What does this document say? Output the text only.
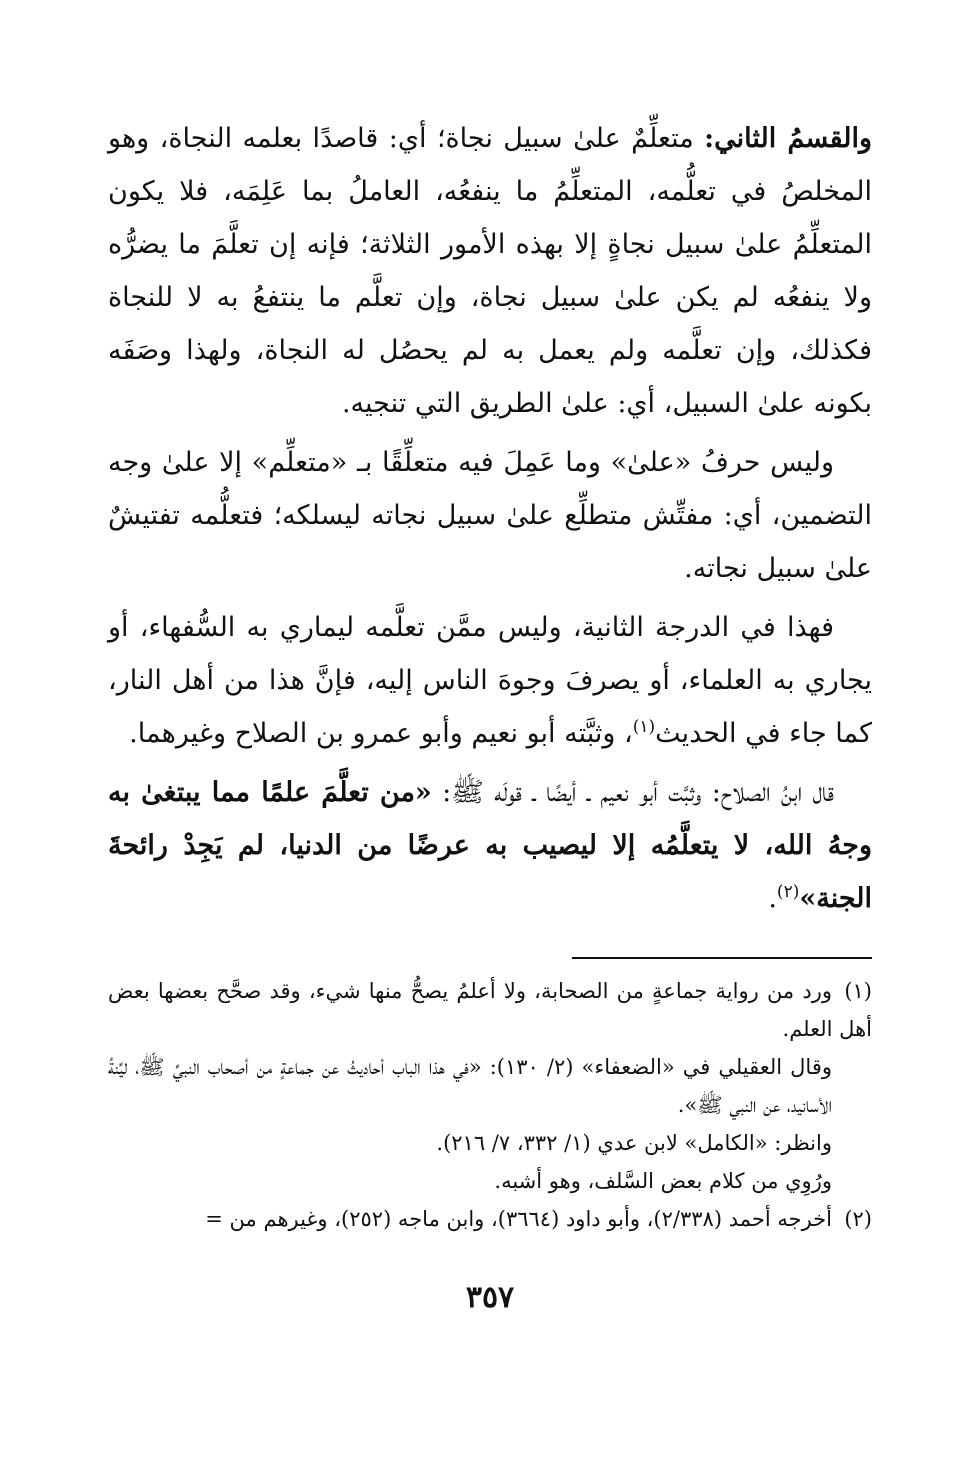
والقسمُ الثاني: متعلِّمٌ علىٰ سبيل نجاة؛ أي: قاصدًا بعلمه النجاة، وهو المخلصُ في تعلُّمه، المتعلِّمُ ما ينفعُه، العاملُ بما عَلِمَه، فلا يكون المتعلِّمُ علىٰ سبيل نجاةٍ إلا بهذه الأمور الثلاثة؛ فإنه إن تعلَّمَ ما يضرُّه ولا ينفعُه لم يكن علىٰ سبيل نجاة، وإن تعلَّم ما ينتفعُ به لا للنجاة فكذلك، وإن تعلَّمه ولم يعمل به لم يحصُل له النجاة، ولهذا وصَفَه بكونه علىٰ السبيل، أي: علىٰ الطريق التي تنجيه.

وليس حرفُ «علىٰ» وما عَمِلَ فيه متعلِّقًا بـ «متعلِّم» إلا علىٰ وجه التضمين، أي: مفتِّش متطلِّع علىٰ سبيل نجاته ليسلكه؛ فتعلُّمه تفتيشٌ علىٰ سبيل نجاته.

فهذا في الدرجة الثانية، وليس ممَّن تعلَّمه ليماري به السُّفهاء، أو يجاري به العلماء، أو يصرفَ وجوهَ الناس إليه، فإنَّ هذا من أهل النار، كما جاء في الحديث$^{(١)}$، وثبَّته أبو نعيم وأبو عمرو بن الصلاح وغيرهما.

قال ابنُ الصلاح: وثبَّت أبو نعيم ـ أيضًا ـ قولَه ﷺ: «من تعلَّمَ علمًا مما يبتغىٰ به وجهُ الله، لا يتعلَّمُه إلا ليصيب به عرضًا من الدنيا، لم يَجِدْ رائحةَ الجنة»$^{(٢)}$.

(١)ورد من رواية جماعةٍ من الصحابة، ولا أعلمُ يصحُّ منها شيء، وقد صحَّح بعضها بعض أهل العلم.

وقال العقيلي في «الضعفاء» (٢/ ١٣٠): «في هذا الباب أحاديثُ عن جماعةٍ من أصحاب النبيِّ ﷺ، ليِّنةُ الأسانيد، عن النبي ﷺ».

وانظر: «الكامل» لابن عدي (١/ ٣٣٢، ٧/ ٢١٦).

ورُوِي من كلام بعض السَّلف، وهو أشبه.

(٢)أخرجه أحمد (٢/٣٣٨)، وأبو داود (٣٦٦٤)، وابن ماجه (٢٥٢)، وغيرهم من =

٣٥٧
